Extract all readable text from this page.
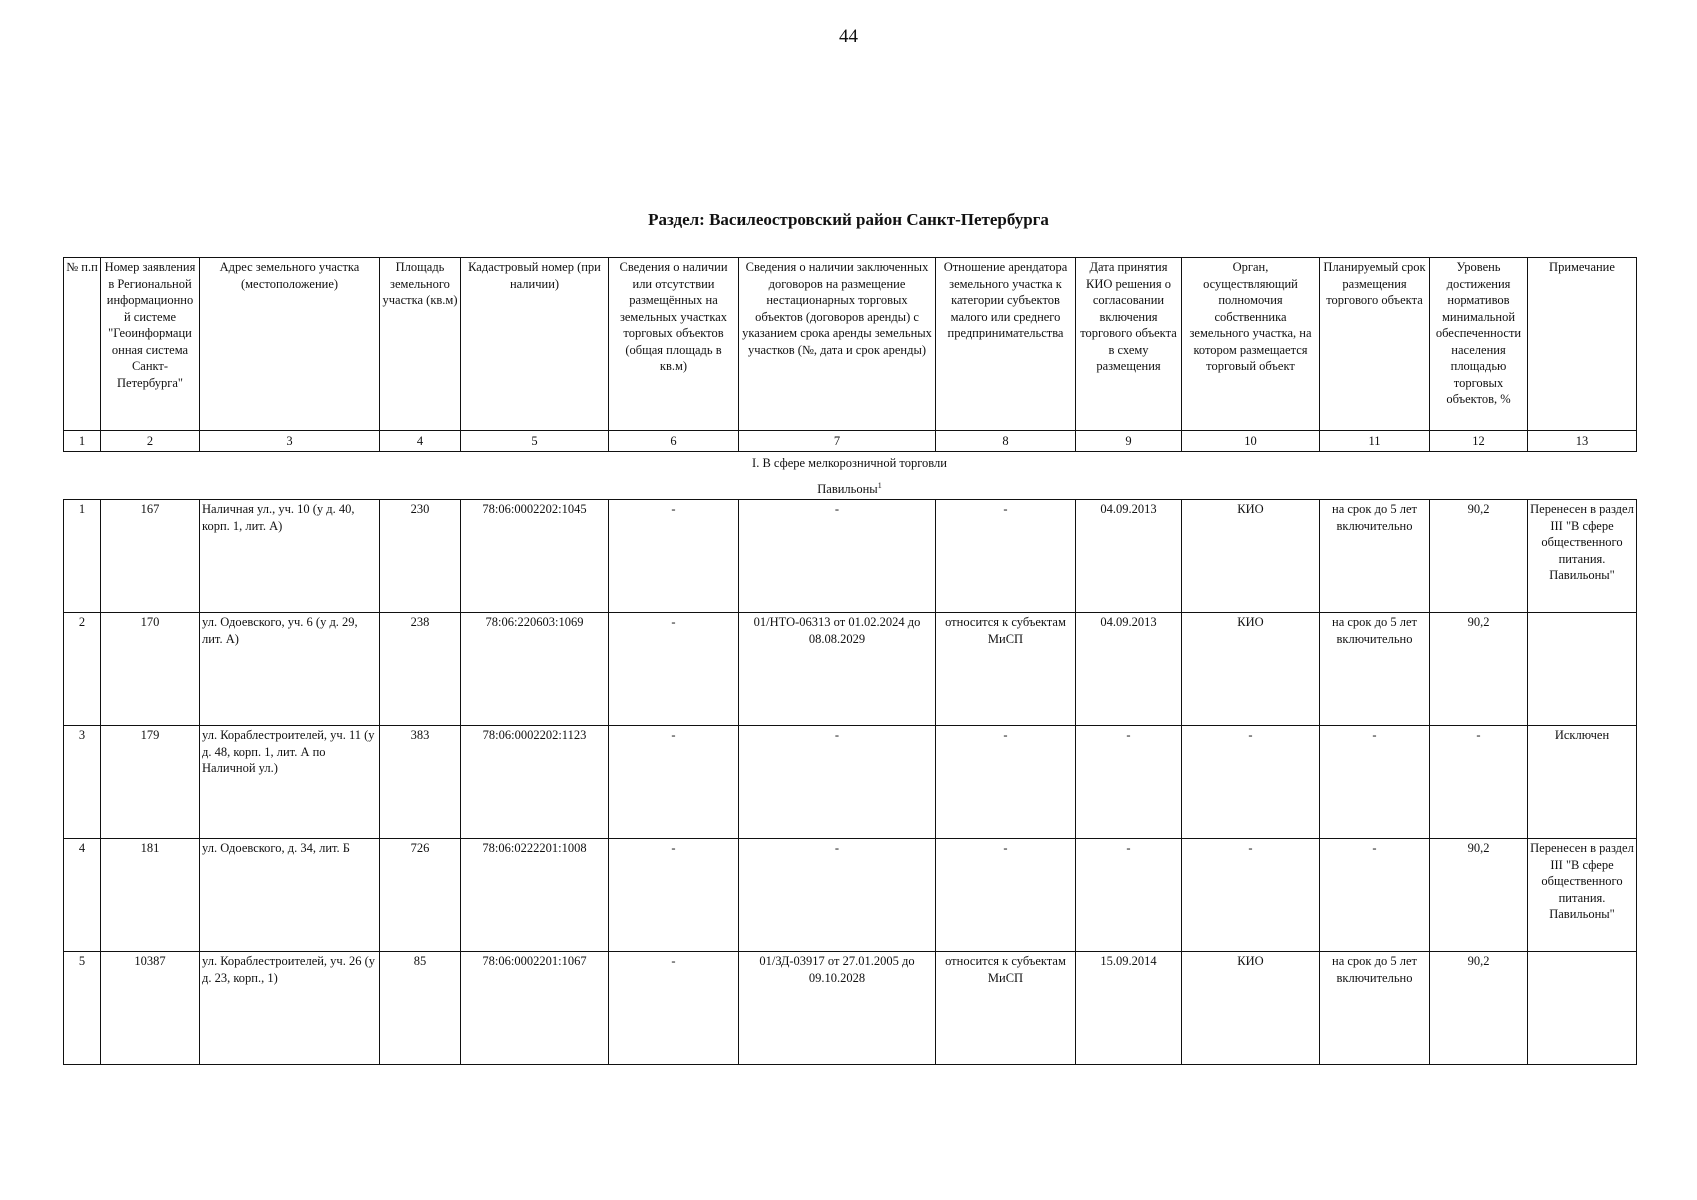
44
Раздел: Василеостровский район Санкт-Петербурга
№ п.п	Номер заявления в Региональной информационно й системе "Геоинформаци онная система Санкт-Петербурга"	Адрес земельного участка (местоположение)	Площадь земельного участка (кв.м)	Кадастровый номер (при наличии)	Сведения о наличии или отсутствии размещённых на земельных участках торговых объектов (общая площадь в кв.м)	Сведения о наличии заключенных договоров на размещение нестационарных торговых объектов (договоров аренды) с указанием срока аренды земельных участков (№, дата и срок аренды)	Отношение арендатора земельного участка к категории субъектов малого или среднего предпринимательства	Дата принятия КИО решения о согласовании включения торгового объекта в схему размещения	Орган, осуществляющий полномочия собственника земельного участка, на котором размещается торговый объект	Планируемый срок размещения торгового объекта	Уровень достижения нормативов минимальной обеспеченности населения площадью торговых объектов, %	Примечание
1	2	3	4	5	6	7	8	9	10	11	12	13
I. В сфере мелкорозничной торговли
Павильоны$^1$
1	167	Наличная ул., уч. 10 (у д. 40, корп. 1, лит. А)	230	78:06:0002202:1045	-	-	-	04.09.2013	КИО	на срок до 5 лет включительно	90,2	Перенесен в раздел III "В сфере общественного питания. Павильоны"
2	170	ул. Одоевского, уч. 6 (у д. 29, лит. А)	238	78:06:220603:1069	-	01/НТО-06313 от 01.02.2024 до 08.08.2029	относится к субъектам МиСП	04.09.2013	КИО	на срок до 5 лет включительно	90,2	
3	179	ул. Кораблестроителей, уч. 11 (у д. 48, корп. 1, лит. А по Наличной ул.)	383	78:06:0002202:1123	-	-	-	-	-	-	-	Исключен
4	181	ул. Одоевского, д. 34, лит. Б	726	78:06:0222201:1008	-	-	-	-	-	-	90,2	Перенесен в раздел III "В сфере общественного питания. Павильоны"
5	10387	ул. Кораблестроителей, уч. 26 (у д. 23, корп., 1)	85	78:06:0002201:1067	-	01/ЗД-03917 от 27.01.2005 до 09.10.2028	относится к субъектам МиСП	15.09.2014	КИО	на срок до 5 лет включительно	90,2	
